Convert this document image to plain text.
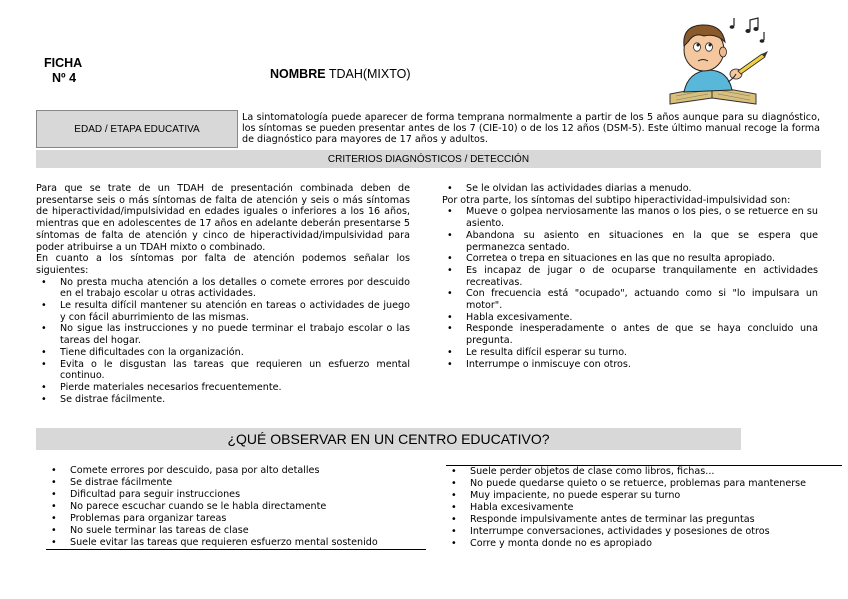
FICHA
Nº 4	NOMBRE TDAH(MIXTO)
EDAD / ETAPA EDUCATIVA
La sintomatología puede aparecer de forma temprana normalmente a partir de los 5 años aunque para su diagnóstico, los síntomas se pueden presentar antes de los 7 (CIE-10) o de los 12 años (DSM-5). Este último manual recoge la forma de diagnóstico para mayores de 17 años y adultos.
CRITERIOS DIAGNÓSTICOS / DETECCIÓN

Para que se trate de un TDAH de presentación combinada deben de presentarse seis o más síntomas de falta de atención y seis o más síntomas de hiperactividad/impulsividad en edades iguales o inferiores a los 16 años, mientras que en adolescentes de 17 años en adelante deberán presentarse 5 síntomas de falta de atención y cinco de hiperactividad/impulsividad para poder atribuirse a un TDAH mixto o combinado.

En cuanto a los síntomas por falta de atención podemos señalar los siguientes:

• No presta mucha atención a los detalles o comete errores por descuido en el trabajo escolar u otras actividades.
• Le resulta difícil mantener su atención en tareas o actividades de juego y con fácil aburrimiento de las mismas.
• No sigue las instrucciones y no puede terminar el trabajo escolar o las tareas del hogar.
• Tiene dificultades con la organización.
• Evita o le disgustan las tareas que requieren un esfuerzo mental continuo.
• Pierde materiales necesarios frecuentemente.
• Se distrae fácilmente.
• Se le olvidan las actividades diarias a menudo.

Por otra parte, los síntomas del subtipo hiperactividad-impulsividad son:

• Mueve o golpea nerviosamente las manos o los pies, o se retuerce en su asiento.
• Abandona su asiento en situaciones en la que se espera que permanezca sentado.
• Corretea o trepa en situaciones en las que no resulta apropiado.
• Es incapaz de jugar o de ocuparse tranquilamente en actividades recreativas.
• Con frecuencia está "ocupado", actuando como si "lo impulsara un motor".
• Habla excesivamente.
• Responde inesperadamente o antes de que se haya concluido una pregunta.
• Le resulta difícil esperar su turno.
• Interrumpe o inmiscuye con otros.
¿QUÉ OBSERVAR EN UN CENTRO EDUCATIVO?
• Comete errores por descuido, pasa por alto detalles
• Se distrae fácilmente
• Dificultad para seguir instrucciones
• No parece escuchar cuando se le habla directamente
• Problemas para organizar tareas
• No suele terminar las tareas de clase
• Suele evitar las tareas que requieren esfuerzo mental sostenido
• Suele perder objetos de clase como libros, fichas...
• No puede quedarse quieto o se retuerce, problemas para mantenerse
• Muy impaciente, no puede esperar su turno
• Habla excesivamente
• Responde impulsivamente antes de terminar las preguntas
• Interrumpe conversaciones, actividades y posesiones de otros
• Corre y monta donde no es apropiado
